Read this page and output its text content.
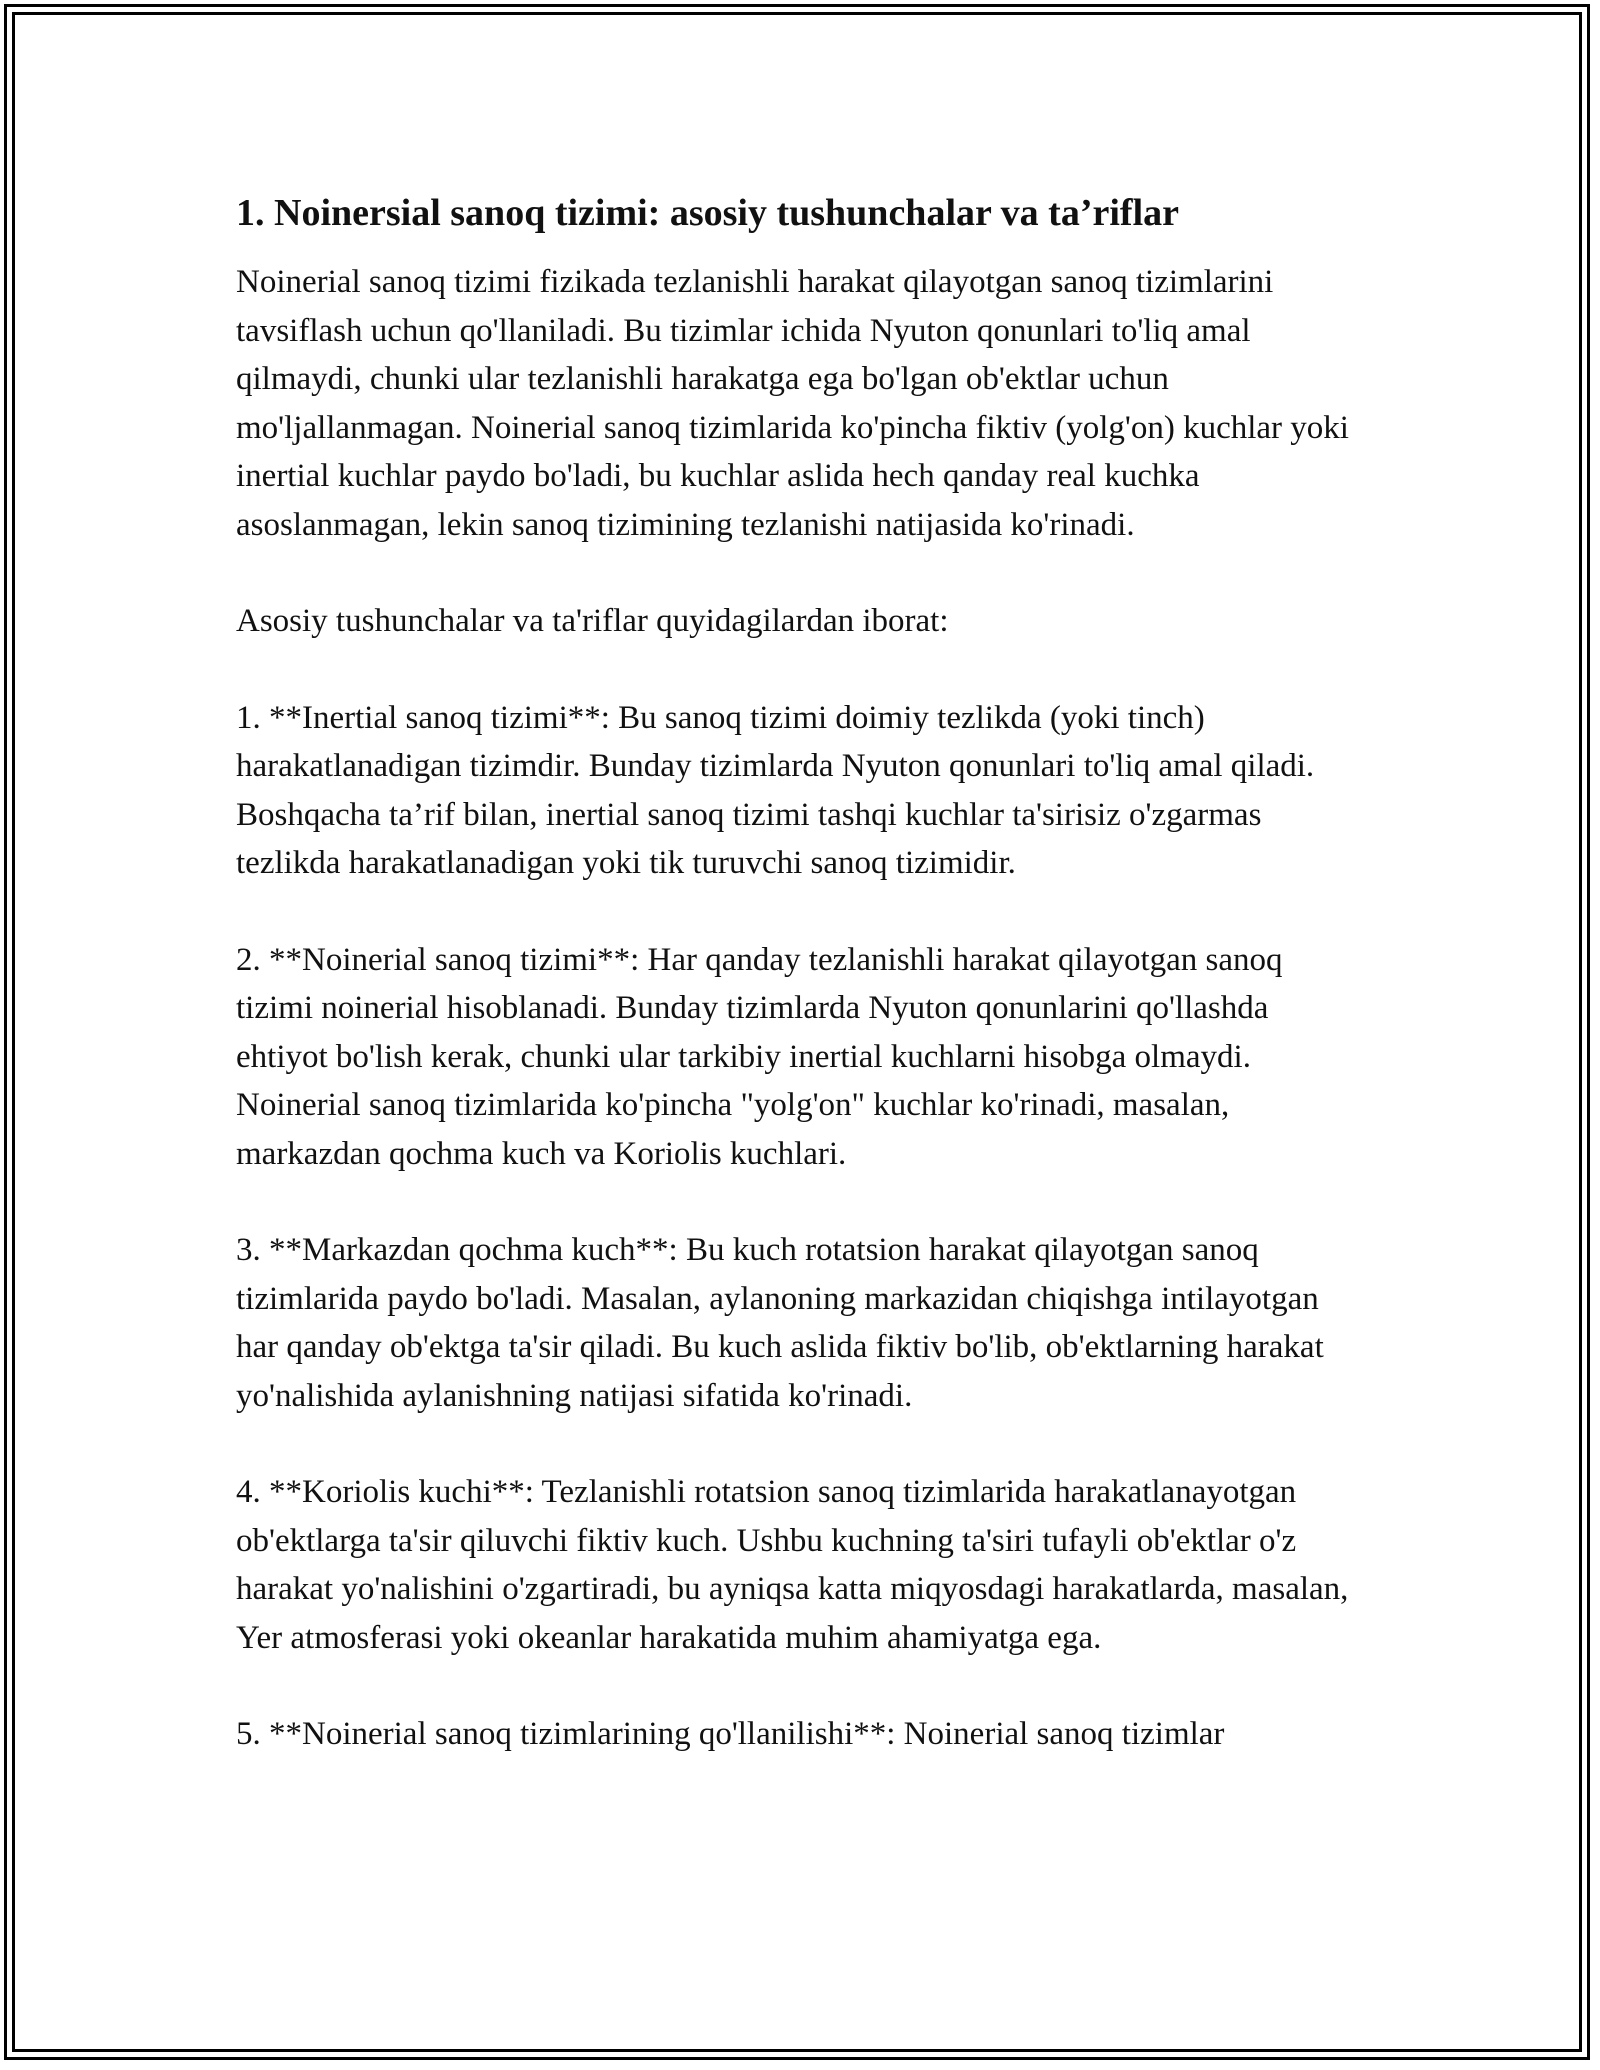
1. Noinersial sanoq tizimi: asosiy tushunchalar va ta’riflar

Noinerial sanoq tizimi fizikada tezlanishli harakat qilayotgan sanoq tizimlarini tavsiflash uchun qo'llaniladi. Bu tizimlar ichida Nyuton qonunlari to'liq amal qilmaydi, chunki ular tezlanishli harakatga ega bo'lgan ob'ektlar uchun mo'ljallanmagan. Noinerial sanoq tizimlarida ko'pincha fiktiv (yolg'on) kuchlar yoki inertial kuchlar paydo bo'ladi, bu kuchlar aslida hech qanday real kuchka asoslanmagan, lekin sanoq tizimining tezlanishi natijasida ko'rinadi.

Asosiy tushunchalar va ta'riflar quyidagilardan iborat:

1. **Inertial sanoq tizimi**: Bu sanoq tizimi doimiy tezlikda (yoki tinch) harakatlanadigan tizimdir. Bunday tizimlarda Nyuton qonunlari to'liq amal qiladi. Boshqacha ta’rif bilan, inertial sanoq tizimi tashqi kuchlar ta'sirisiz o'zgarmas tezlikda harakatlanadigan yoki tik turuvchi sanoq tizimidir.

2. **Noinerial sanoq tizimi**: Har qanday tezlanishli harakat qilayotgan sanoq tizimi noinerial hisoblanadi. Bunday tizimlarda Nyuton qonunlarini qo'llashda ehtiyot bo'lish kerak, chunki ular tarkibiy inertial kuchlarni hisobga olmaydi. Noinerial sanoq tizimlarida ko'pincha "yolg'on" kuchlar ko'rinadi, masalan, markazdan qochma kuch va Koriolis kuchlari.

3. **Markazdan qochma kuch**: Bu kuch rotatsion harakat qilayotgan sanoq tizimlarida paydo bo'ladi. Masalan, aylanoning markazidan chiqishga intilayotgan har qanday ob'ektga ta'sir qiladi. Bu kuch aslida fiktiv bo'lib, ob'ektlarning harakat yo'nalishida aylanishning natijasi sifatida ko'rinadi.

4. **Koriolis kuchi**: Tezlanishli rotatsion sanoq tizimlarida harakatlanayotgan ob'ektlarga ta'sir qiluvchi fiktiv kuch. Ushbu kuchning ta'siri tufayli ob'ektlar o'z harakat yo'nalishini o'zgartiradi, bu ayniqsa katta miqyosdagi harakatlarda, masalan, Yer atmosferasi yoki okeanlar harakatida muhim ahamiyatga ega.

5. **Noinerial sanoq tizimlarining qo'llanilishi**: Noinerial sanoq tizimlar
